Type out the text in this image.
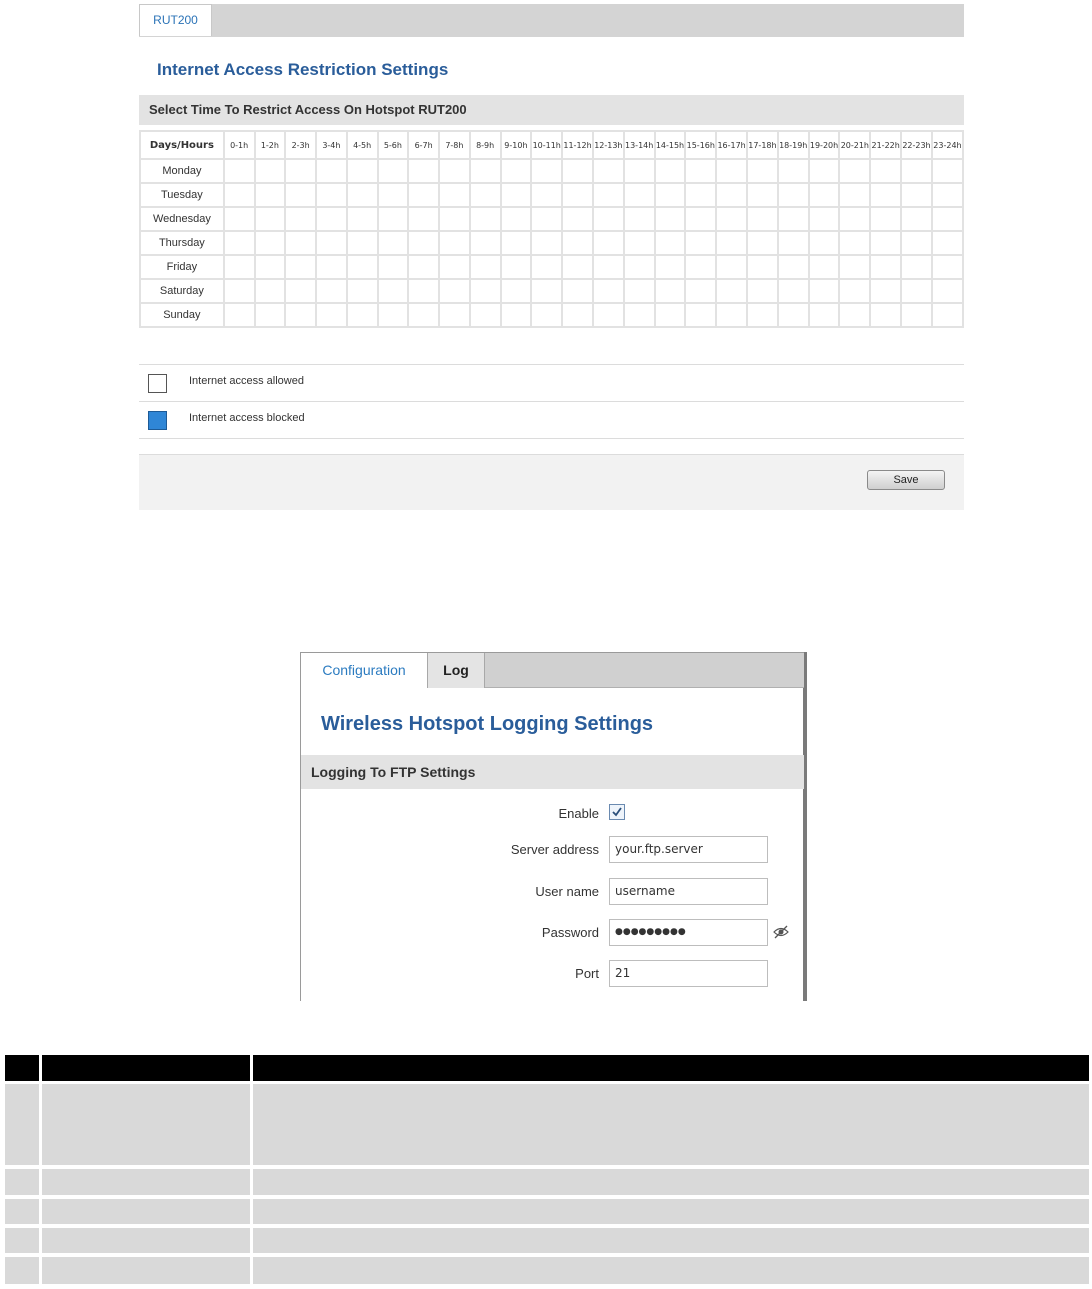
RUT200
Internet Access Restriction Settings
Select Time To Restrict Access On Hotspot RUT200
Days/Hours	0-1h	1-2h	2-3h	3-4h	4-5h	5-6h	6-7h	7-8h	8-9h	9-10h	10-11h	11-12h	12-13h	13-14h	14-15h	15-16h	16-17h	17-18h	18-19h	19-20h	20-21h	21-22h	22-23h	23-24h
Monday																								
Tuesday																								
Wednesday																								
Thursday																								
Friday																								
Saturday																								
Sunday																								
Internet access allowed
Internet access blocked
Save
Configuration	Log
Wireless Hotspot Logging Settings
Logging To FTP Settings
Enable
Server address	your.ftp.server
User name	username
Password	●●●●●●●●●
Port	21
